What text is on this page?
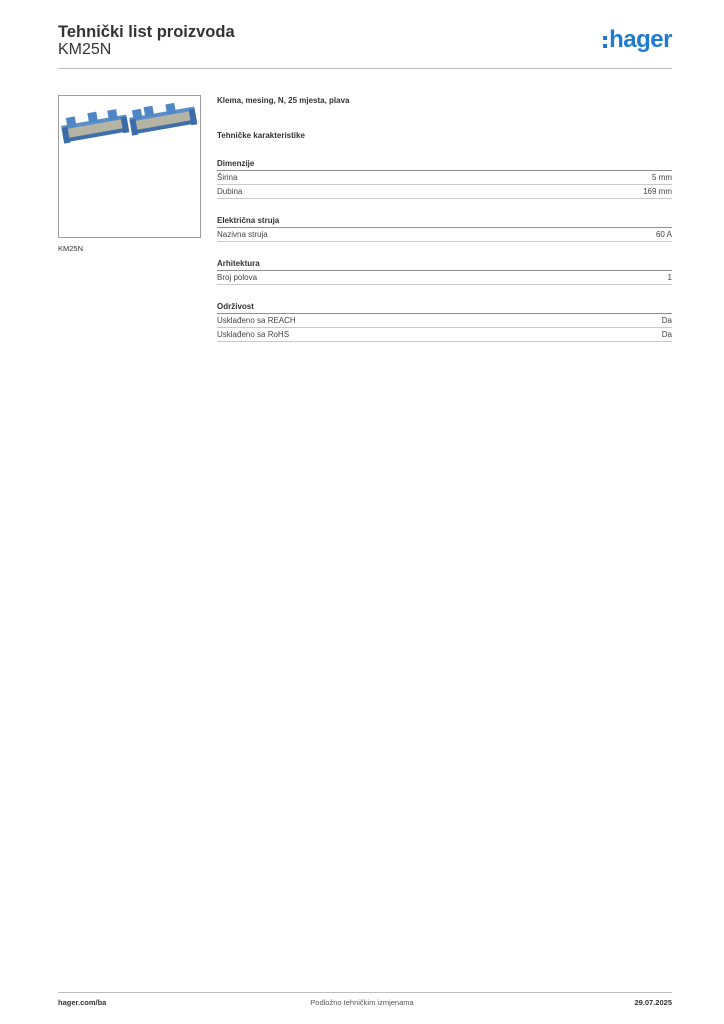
Tehnički list proizvoda
KM25N	hager
KM25N
Klema, mesing, N, 25 mjesta, plava
Tehničke karakteristike
Dimenzije
Širina	5 mm
Dubina	169 mm
Električna struja
Nazivna struja	60 A
Arhitektura
Broj polova	1
Održivost
Usklađeno sa REACH	Da
Usklađeno sa RoHS	Da
hager.com/ba	Podložno tehničkim izmjenama	29.07.2025
